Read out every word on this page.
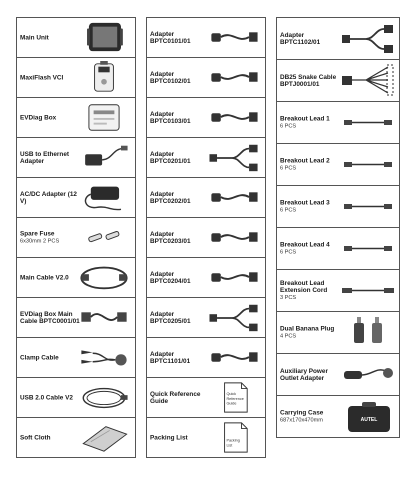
Main Unit
MaxiFlash VCI
EVDiag Box
USB to Ethernet Adapter
AC/DC Adapter (12 V)
Spare Fuse
6x30mm 2 PCS
Main Cable V2.0
EVDiag Box Main Cable BPTC0001/01
Clamp Cable
USB 2.0 Cable V2
Soft Cloth
Adapter BPTC0101/01
Adapter BPTC0102/01
Adapter BPTC0103/01
Adapter BPTC0201/01
Adapter BPTC0202/01
Adapter BPTC0203/01
Adapter BPTC0204/01
Adapter BPTC0205/01
Adapter BPTC1101/01
Quick Reference Guide
Quick
Reference
Guide
Packing List	Packing
List
Adapter BPTC1102/01
DB25 Snake Cable BPTJ0001/01
Breakout Lead 1
6 PCS
Breakout Lead 2
6 PCS
Breakout Lead 3
6 PCS
Breakout Lead 4
6 PCS
Breakout Lead Extension Cord
3 PCS
Dual Banana Plug
4 PCS
Auxiliary Power Outlet Adapter
Carrying Case
687x170x470mm	AUTEL
